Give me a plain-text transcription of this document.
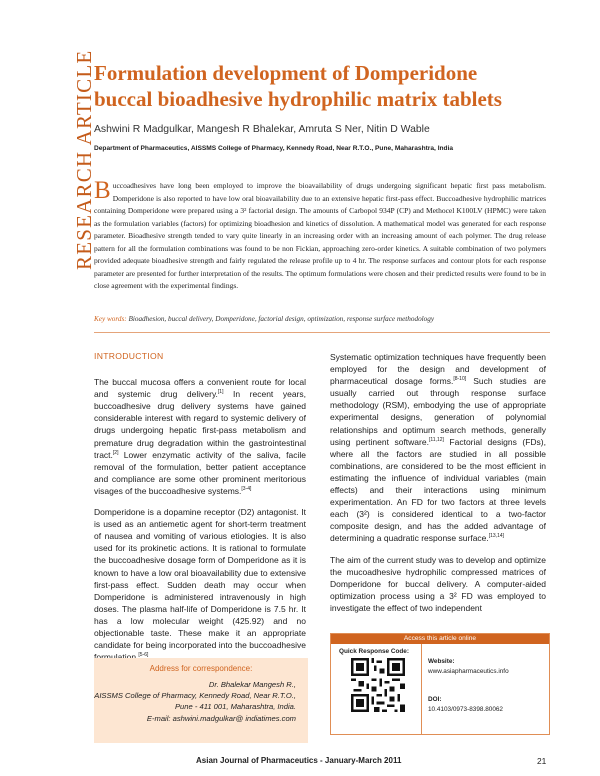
RESEARCH ARTICLE
Formulation development of Domperidone
buccal bioadhesive hydrophilic matrix tablets
Ashwini R Madgulkar, Mangesh R Bhalekar, Amruta S Ner, Nitin D Wable
Department of Pharmaceutics, AISSMS College of Pharmacy, Kennedy Road, Near R.T.O., Pune, Maharashtra, India

Buccoadhesives have long been employed to improve the bioavailability of drugs undergoing significant hepatic first pass metabolism. Domperidone is also reported to have low oral bioavailability due to an extensive hepatic first-pass effect. Buccoadhesive hydrophilic matrices containing Domperidone were prepared using a 3² factorial design. The amounts of Carbopol 934P (CP) and Methocel K100LV (HPMC) were taken as the formulation variables (factors) for optimizing bioadhesion and kinetics of dissolution. A mathematical model was generated for each response parameter. Bioadhesive strength tended to vary quite linearly in an increasing order with an increasing amount of each polymer. The drug release pattern for all the formulation combinations was found to be non Fickian, approaching zero-order kinetics. A suitable combination of two polymers provided adequate bioadhesive strength and fairly regulated the release profile up to 4 hr. The response surfaces and contour plots for each response parameter are presented for further interpretation of the results. The optimum formulations were chosen and their predicted results were found to be in close agreement with the experimental findings.

Key words: Bioadhesion, buccal delivery, Domperidone, factorial design, optimization, response surface methodology
INTRODUCTION

The buccal mucosa offers a convenient route for local and systemic drug delivery.[1] In recent years, buccoadhesive drug delivery systems have gained considerable interest with regard to systemic delivery of drugs undergoing hepatic first-pass metabolism and premature drug degradation within the gastrointestinal tract.[2] Lower enzymatic activity of the saliva, facile removal of the formulation, better patient acceptance and compliance are some other prominent meritorious visages of the buccoadhesive systems.[3-4]

Domperidone is a dopamine receptor (D2) antagonist. It is used as an antiemetic agent for short-term treatment of nausea and vomiting of various etiologies. It is also used for its prokinetic actions. It is rational to formulate the buccoadhesive dosage form of Domperidone as it is known to have a low oral bioavailability due to extensive first-pass effect. Sudden death may occur when Domperidone is administered intravenously in high doses. The plasma half-life of Domperidone is 7.5 hr. It has a low molecular weight (425.92) and no objectionable taste. These make it an appropriate candidate for being incorporated into the buccoadhesive [5-6]

Systematic optimization techniques have frequently been employed for the design and development of pharmaceutical dosage forms.[8-10] Such studies are usually carried out through response surface methodology (RSM), embodying the use of appropriate experimental designs, generation of polynomial relationships and optimum search methods, generally using pertinent software.[11,12] Factorial designs (FDs), where all the factors are studied in all possible combinations, are considered to be the most efficient in estimating the influence of individual variables (main effects) and their interactions using minimum experimentation. An FD for two factors at three levels each (3²) is considered identical to a two-factor composite design, and has the added advantage of determining a quadratic response surface.[13,14]

The aim of the current study was to develop and optimize the mucoadhesive hydrophilic compressed matrices of Domperidone for buccal delivery. A computer-aided optimization process using a 3² FD was employed to investigate the effect of two independent

Address for correspondence:
Dr. Bhalekar Mangesh R.,
AISSMS College of Pharmacy, Kennedy Road, Near R.T.O.,
Pune - 411 001, Maharashtra, India.
E-mail: ashwini.madgulkar@ indiatimes.com
Access this article online
Quick Response Code:
Website:
www.asiapharmaceutics.info
DOI:
10.4103/0973-8398.80062
Asian Journal of Pharmaceutics - January-March 2011	21
